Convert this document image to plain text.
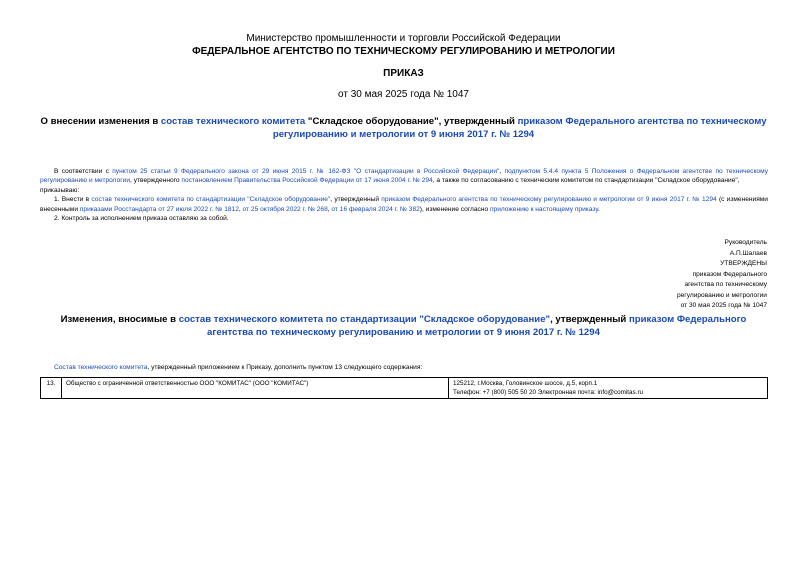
Министерство промышленности и торговли Российской Федерации
ФЕДЕРАЛЬНОЕ АГЕНТСТВО ПО ТЕХНИЧЕСКОМУ РЕГУЛИРОВАНИЮ И МЕТРОЛОГИИ
ПРИКАЗ
от 30 мая 2025 года № 1047
О внесении изменения в состав технического комитета "Складское оборудование", утвержденный приказом Федерального агентства по техническому регулированию и метрологии от 9 июня 2017 г. № 1294

В соответствии с пунктом 25 статьи 9 Федерального закона от 29 июня 2015 г. № 162-ФЗ "О стандартизации в Российской Федерации", подпунктом 5.4.4 пункта 5 Положения о Федеральном агентстве по техническому регулированию и метрологии, утвержденного постановлением Правительства Российской Федерации от 17 июня 2004 г. № 294, а также по согласованию с техническим комитетом по стандартизации "Складское оборудование",

приказываю:

1. Внести в состав технического комитета по стандартизации "Складское оборудование", утвержденный приказом Федерального агентства по техническому регулированию и метрологии от 9 июня 2017 г. № 1294 (с изменениями внесенными приказами Росстандарта от 27 июля 2022 г. № 1812, от 25 октября 2022 г. № 268, от 16 февраля 2024 г. № 382), изменение согласно приложению к настоящему приказу.

2. Контроль за исполнением приказа оставляю за собой.

Руководитель
А.П.Шалаев
УТВЕРЖДЕНЫ
приказом Федерального
агентства по техническому
регулированию и метрологии
от 30 мая 2025 года № 1047
Изменения, вносимые в состав технического комитета по стандартизации "Складское оборудование", утвержденный приказом Федерального агентства по техническому регулированию и метрологии от 9 июня 2017 г. № 1294
Состав технического комитета, утвержденный приложением к Приказу, дополнить пунктом 13 следующего содержания:
13.	Общество с ограниченной ответственностью ООО "КОМИТАС" (ООО "КОМИТАС")	125212, г.Москва, Головинское шоссе, д.5, корп.1
Телефон: +7 (800) 505 50 20 Электронная почта: info@comitas.ru
